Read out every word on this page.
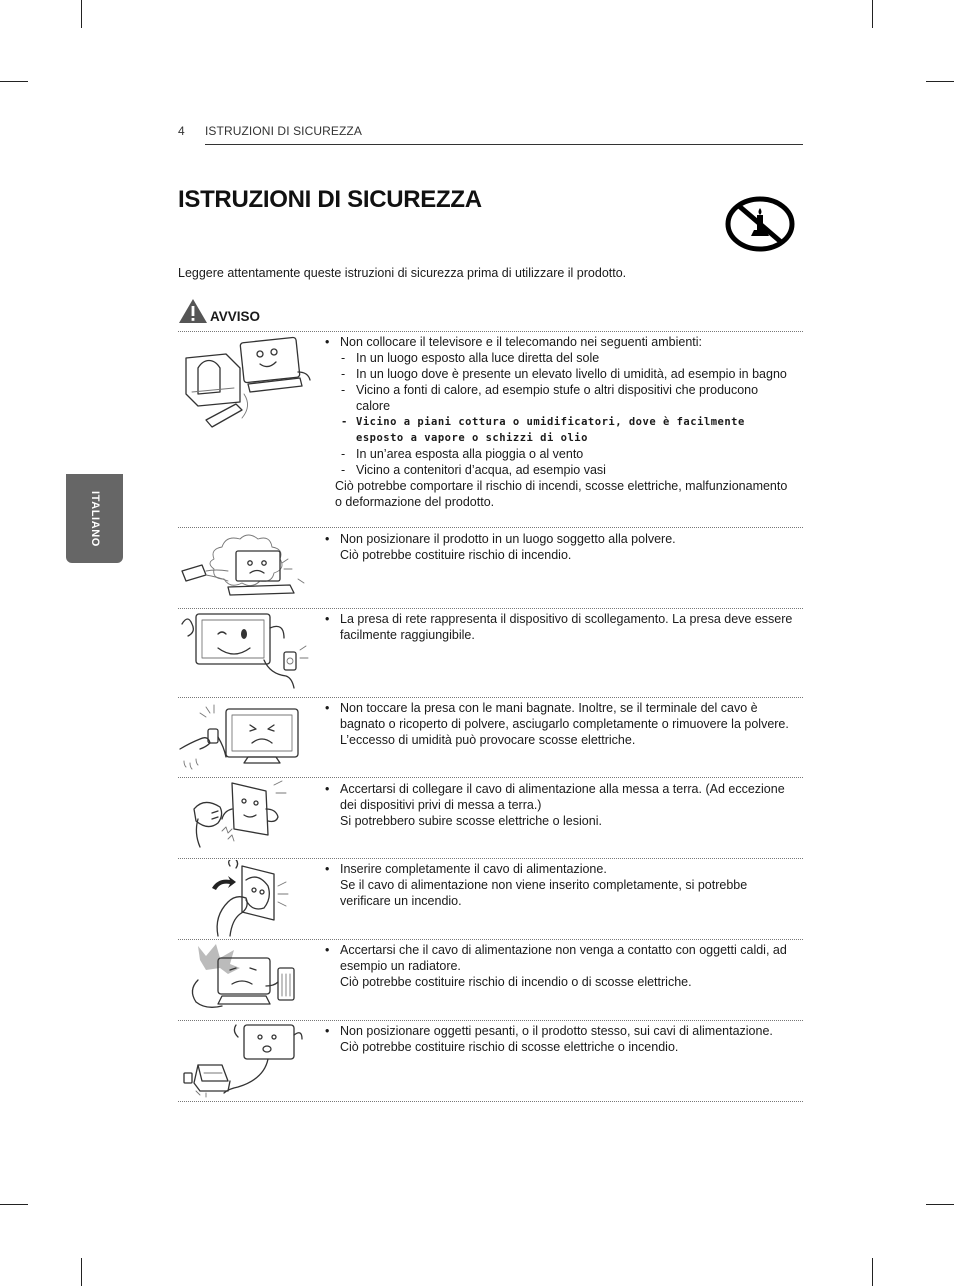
4 ISTRUZIONI DI SICUREZZA
ITALIANO
ISTRUZIONI DI SICUREZZA

Leggere attentamente queste istruzioni di sicurezza prima di utilizzare il prodotto.

AVVISO
• Non collocare il televisore e il telecomando nei seguenti ambienti:
- In un luogo esposto alla luce diretta del sole
- In un luogo dove è presente un elevato livello di umidità, ad esempio in bagno
- Vicino a fonti di calore, ad esempio stufe o altri dispositivi che producono calore
- Vicino a piani cottura o umidificatori, dove è facilmente esposto a vapore o schizzi di olio
- In un’area esposta alla pioggia o al vento
- Vicino a contenitori d’acqua, ad esempio vasi
Ciò potrebbe comportare il rischio di incendi, scosse elettriche, malfunzionamento o deformazione del prodotto.
• Non posizionare il prodotto in un luogo soggetto alla polvere.
Ciò potrebbe costituire rischio di incendio.
• La presa di rete rappresenta il dispositivo di scollegamento. La presa deve essere facilmente raggiungibile.
• Non toccare la presa con le mani bagnate. Inoltre, se il terminale del cavo è bagnato o ricoperto di polvere, asciugarlo completamente o rimuovere la polvere.
L’eccesso di umidità può provocare scosse elettriche.
• Accertarsi di collegare il cavo di alimentazione alla messa a terra. (Ad eccezione dei dispositivi privi di messa a terra.)
Si potrebbero subire scosse elettriche o lesioni.
• Inserire completamente il cavo di alimentazione.
Se il cavo di alimentazione non viene inserito completamente, si potrebbe verificare un incendio.
• Accertarsi che il cavo di alimentazione non venga a contatto con oggetti caldi, ad esempio un radiatore.
Ciò potrebbe costituire rischio di incendio o di scosse elettriche.
• Non posizionare oggetti pesanti, o il prodotto stesso, sui cavi di alimentazione.
Ciò potrebbe costituire rischio di scosse elettriche o incendio.
